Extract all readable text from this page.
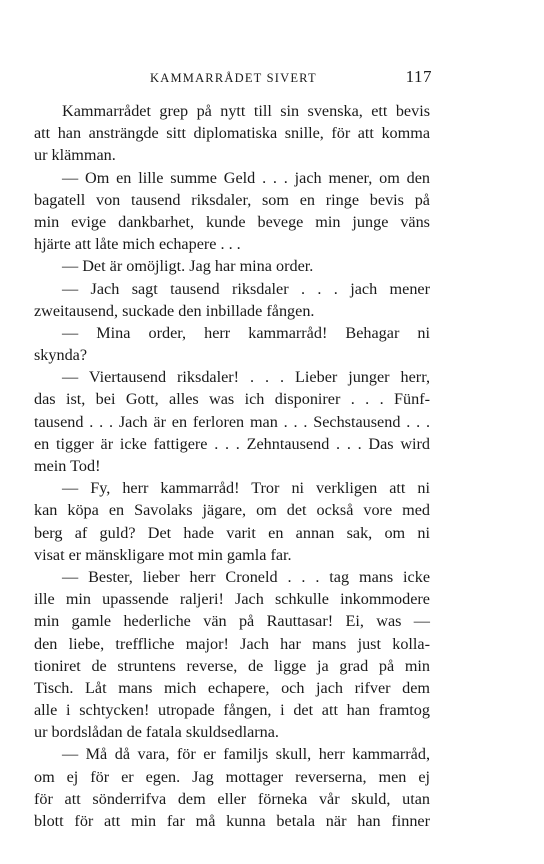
KAMMARRÅDET SIVERT	117
Kammarrådet grep på nytt till sin svenska, ett bevis
att han ansträngde sitt diplomatiska snille, för att komma
ur klämman.
— Om en lille summe Geld . . . jach mener, om den
bagatell von tausend riksdaler, som en ringe bevis på
min evige dankbarhet, kunde bevege min junge väns
hjärte att låte mich echapere . . .
— Det är omöjligt. Jag har mina order.
— Jach sagt tausend riksdaler . . . jach mener
zweitausend, suckade den inbillade fången.
— Mina order, herr kammarråd! Behagar ni
skynda?
— Viertausend riksdaler! . . . Lieber junger herr,
das ist, bei Gott, alles was ich disponirer . . . Fünf-
tausend . . . Jach är en ferloren man . . . Sechstausend . . .
en tigger är icke fattigere . . . Zehntausend . . . Das wird
mein Tod!
— Fy, herr kammarråd! Tror ni verkligen att ni
kan köpa en Savolaks jägare, om det också vore med
berg af guld? Det hade varit en annan sak, om ni
visat er mänskligare mot min gamla far.
— Bester, lieber herr Croneld . . . tag mans icke
ille min upassende raljeri! Jach schkulle inkommodere
min gamle hederliche vän på Rauttasar! Ei, was —
den liebe, treffliche major! Jach har mans just kolla-
tioniret de struntens reverse, de ligge ja grad på min
Tisch. Låt mans mich echapere, och jach rifver dem
alle i schtycken! utropade fången, i det att han framtog
ur bordslådan de fatala skuldsedlarna.
— Må då vara, för er familjs skull, herr kammarråd,
om ej för er egen. Jag mottager reverserna, men ej
för att sönderrifva dem eller förneka vår skuld, utan
blott för att min far må kunna betala när han finner
